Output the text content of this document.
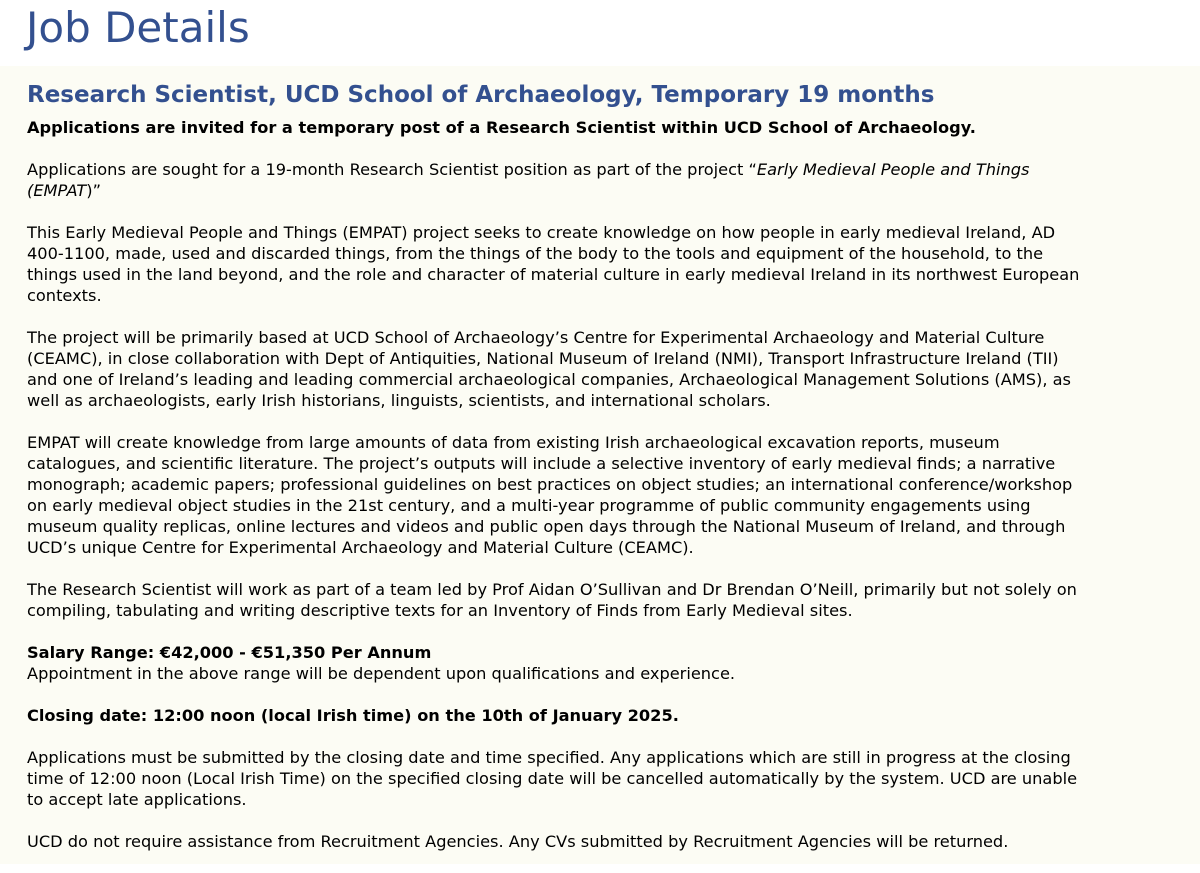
Job Details
Research Scientist, UCD School of Archaeology, Temporary 19 months

Applications are invited for a temporary post of a Research Scientist within UCD School of Archaeology.

Applications are sought for a 19-month Research Scientist position as part of the project “Early Medieval People and Things
(EMPAT)”

This Early Medieval People and Things (EMPAT) project seeks to create knowledge on how people in early medieval Ireland, AD
400-1100, made, used and discarded things, from the things of the body to the tools and equipment of the household, to the
things used in the land beyond, and the role and character of material culture in early medieval Ireland in its northwest European
contexts.

The project will be primarily based at UCD School of Archaeology’s Centre for Experimental Archaeology and Material Culture
(CEAMC), in close collaboration with Dept of Antiquities, National Museum of Ireland (NMI), Transport Infrastructure Ireland (TII)
and one of Ireland’s leading and leading commercial archaeological companies, Archaeological Management Solutions (AMS), as
well as archaeologists, early Irish historians, linguists, scientists, and international scholars.

EMPAT will create knowledge from large amounts of data from existing Irish archaeological excavation reports, museum
catalogues, and scientific literature. The project’s outputs will include a selective inventory of early medieval finds; a narrative
monograph; academic papers; professional guidelines on best practices on object studies; an international conference/workshop
on early medieval object studies in the 21st century, and a multi-year programme of public community engagements using
museum quality replicas, online lectures and videos and public open days through the National Museum of Ireland, and through
UCD’s unique Centre for Experimental Archaeology and Material Culture (CEAMC).

The Research Scientist will work as part of a team led by Prof Aidan O’Sullivan and Dr Brendan O’Neill, primarily but not solely on
compiling, tabulating and writing descriptive texts for an Inventory of Finds from Early Medieval sites.

Salary Range: €42,000 - €51,350 Per Annum
Appointment in the above range will be dependent upon qualifications and experience.

Closing date: 12:00 noon (local Irish time) on the 10th of January 2025.

Applications must be submitted by the closing date and time specified. Any applications which are still in progress at the closing
time of 12:00 noon (Local Irish Time) on the specified closing date will be cancelled automatically by the system. UCD are unable
to accept late applications.

UCD do not require assistance from Recruitment Agencies. Any CVs submitted by Recruitment Agencies will be returned.
